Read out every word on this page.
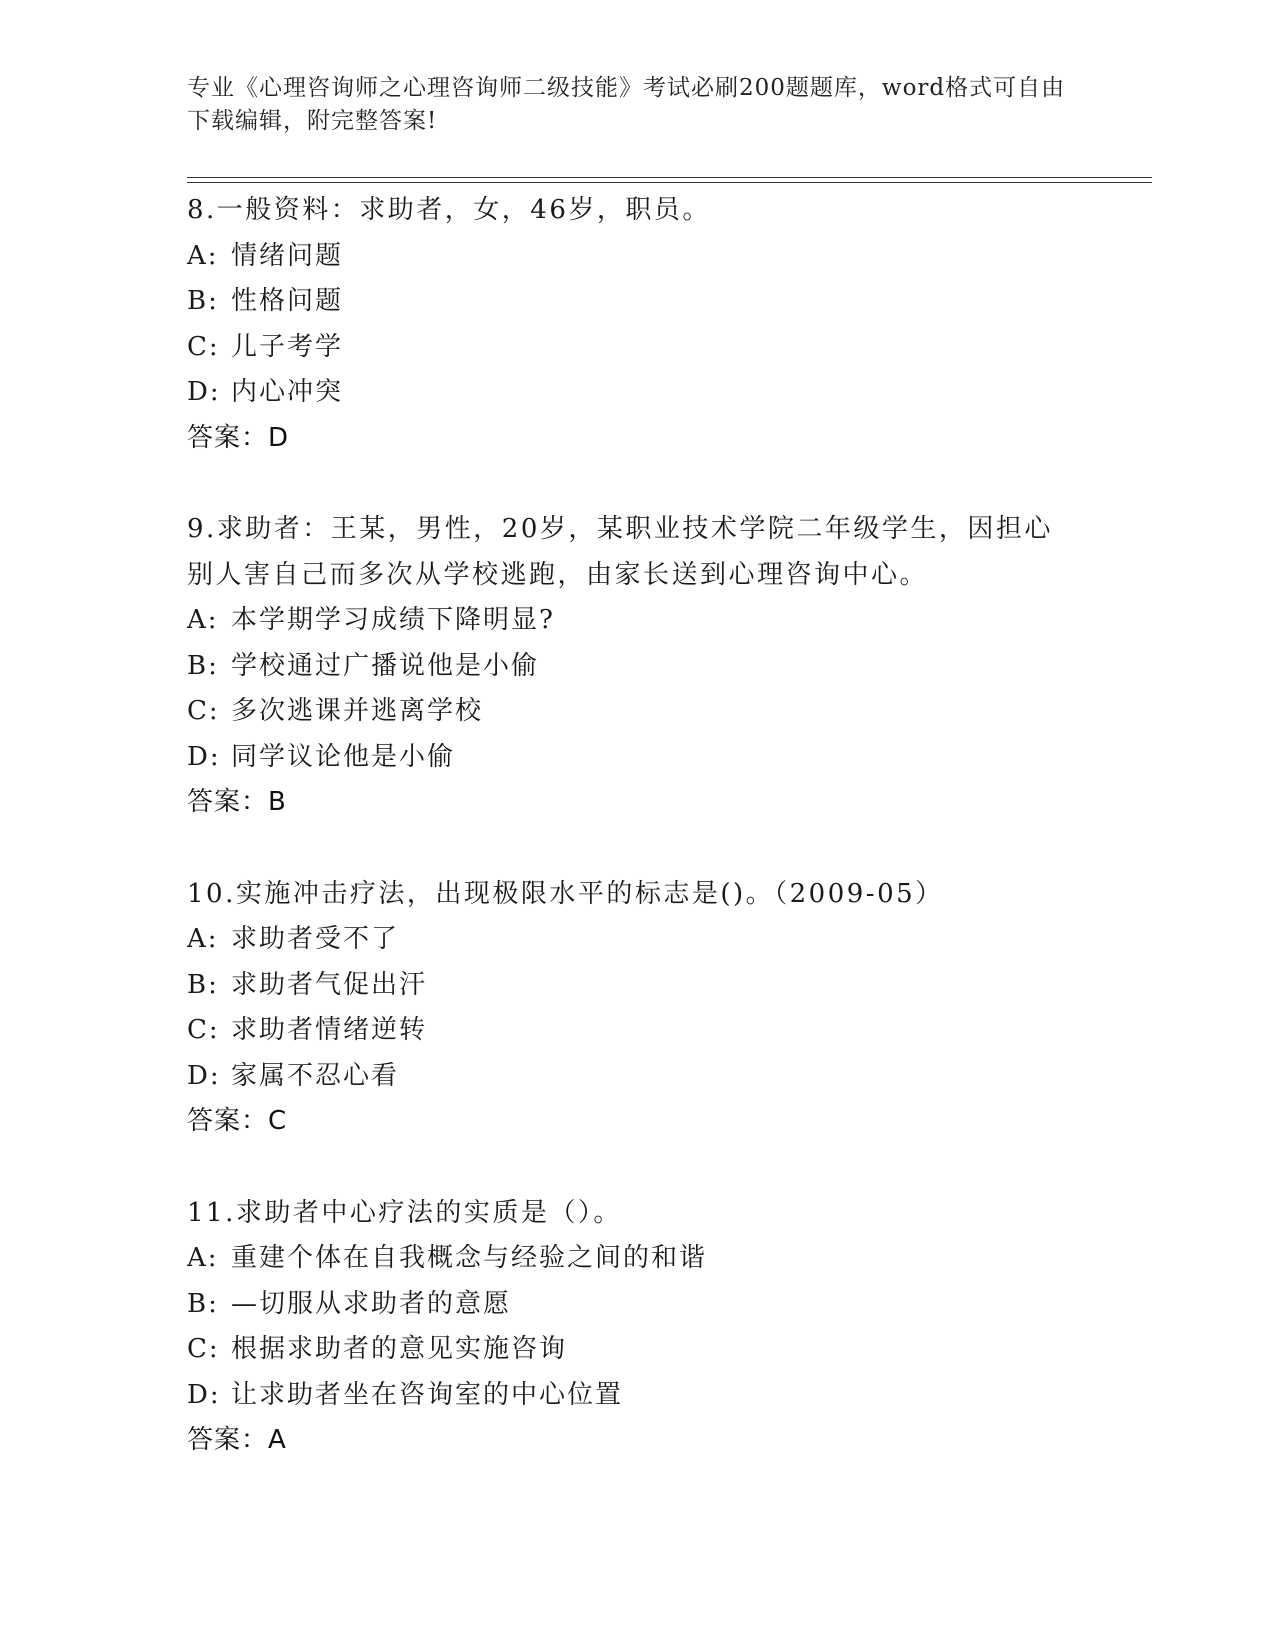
专业《心理咨询师之心理咨询师二级技能》考试必刷200题题库，word格式可自由下载编辑，附完整答案!
8.一般资料：求助者，女，46岁，职员。
A: 情绪问题
B: 性格问题
C: 儿子考学
D: 内心冲突
答案：D
9.求助者：王某，男性，20岁，某职业技术学院二年级学生，因担心别人害自己而多次从学校逃跑，由家长送到心理咨询中心。
A: 本学期学习成绩下降明显?
B: 学校通过广播说他是小偷
C: 多次逃课并逃离学校
D: 同学议论他是小偷
答案：B
10.实施冲击疗法，出现极限水平的标志是()。（2009-05）
A: 求助者受不了
B: 求助者气促出汗
C: 求助者情绪逆转
D: 家属不忍心看
答案：C
11.求助者中心疗法的实质是（）。
A: 重建个体在自我概念与经验之间的和谐
B: —切服从求助者的意愿
C: 根据求助者的意见实施咨询
D: 让求助者坐在咨询室的中心位置
答案：A
